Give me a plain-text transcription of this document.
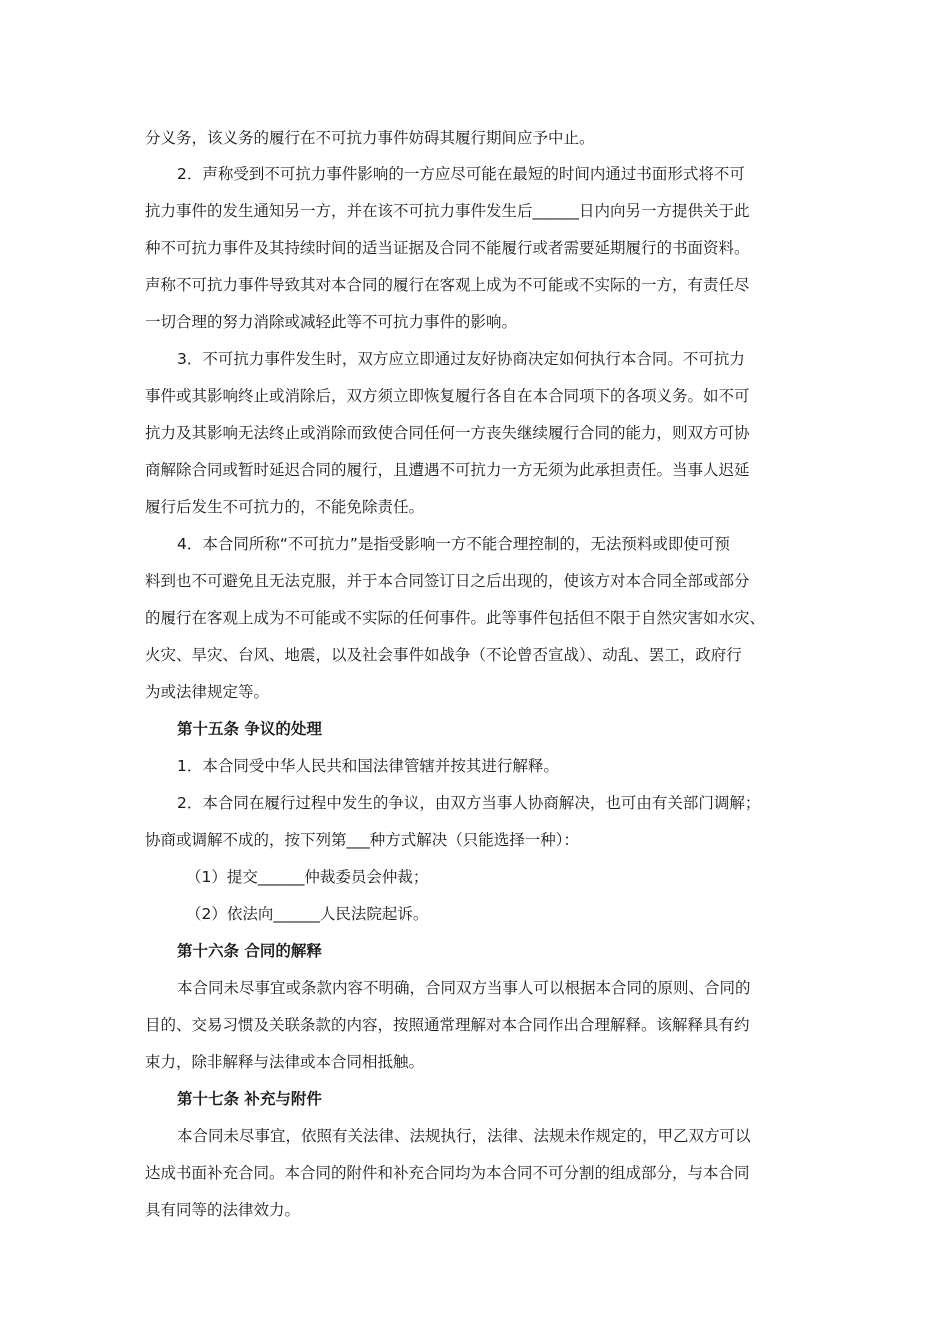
分义务，该义务的履行在不可抗力事件妨碍其履行期间应予中止。
2．声称受到不可抗力事件影响的一方应尽可能在最短的时间内通过书面形式将不可
抗力事件的发生通知另一方，并在该不可抗力事件发生后______日内向另一方提供关于此
种不可抗力事件及其持续时间的适当证据及合同不能履行或者需要延期履行的书面资料。
声称不可抗力事件导致其对本合同的履行在客观上成为不可能或不实际的一方，有责任尽
一切合理的努力消除或减轻此等不可抗力事件的影响。
3．不可抗力事件发生时，双方应立即通过友好协商决定如何执行本合同。不可抗力
事件或其影响终止或消除后，双方须立即恢复履行各自在本合同项下的各项义务。如不可
抗力及其影响无法终止或消除而致使合同任何一方丧失继续履行合同的能力，则双方可协
商解除合同或暂时延迟合同的履行，且遭遇不可抗力一方无须为此承担责任。当事人迟延
履行后发生不可抗力的，不能免除责任。
4．本合同所称“不可抗力”是指受影响一方不能合理控制的，无法预料或即使可预
料到也不可避免且无法克服，并于本合同签订日之后出现的，使该方对本合同全部或部分
的履行在客观上成为不可能或不实际的任何事件。此等事件包括但不限于自然灾害如水灾、
火灾、旱灾、台风、地震，以及社会事件如战争（不论曾否宣战）、动乱、罢工，政府行
为或法律规定等。
第十五条 争议的处理
1．本合同受中华人民共和国法律管辖并按其进行解释。
2．本合同在履行过程中发生的争议，由双方当事人协商解决，也可由有关部门调解；
协商或调解不成的，按下列第___种方式解决（只能选择一种）：
（1）提交______仲裁委员会仲裁；
（2）依法向______人民法院起诉。
第十六条 合同的解释
本合同未尽事宜或条款内容不明确，合同双方当事人可以根据本合同的原则、合同的
目的、交易习惯及关联条款的内容，按照通常理解对本合同作出合理解释。该解释具有约
束力，除非解释与法律或本合同相抵触。
第十七条 补充与附件
本合同未尽事宜，依照有关法律、法规执行，法律、法规未作规定的，甲乙双方可以
达成书面补充合同。本合同的附件和补充合同均为本合同不可分割的组成部分，与本合同
具有同等的法律效力。
